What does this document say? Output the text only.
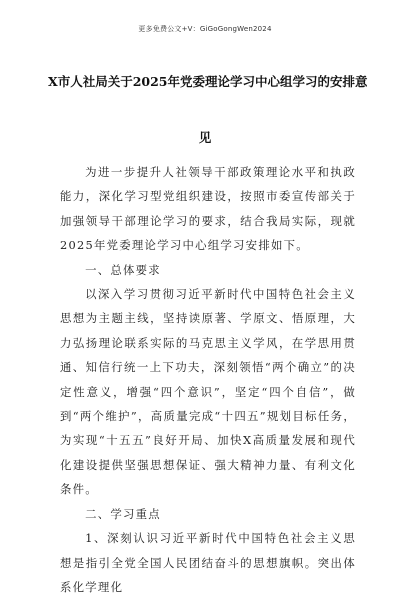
更多免费公文+V：GiGoGongWen2024
X市人社局关于2025年党委理论学习中心组学习的安排意
见

为进一步提升人社领导干部政策理论水平和执政能力，深化学习型党组织建设，按照市委宣传部关于加强领导干部理论学习的要求，结合我局实际，现就2025年党委理论学习中心组学习安排如下。

一、总体要求

以深入学习贯彻习近平新时代中国特色社会主义思想为主题主线，坚持读原著、学原文、悟原理，大力弘扬理论联系实际的马克思主义学风，在学思用贯通、知信行统一上下功夫，深刻领悟“两个确立”的决定性意义，增强“四个意识”，坚定“四个自信”，做到“两个维护”，高质量完成“十四五”规划目标任务，为实现“十五五”良好开局、加快X高质量发展和现代化建设提供坚强思想保证、强大精神力量、有利文化条件。

二、学习重点

1、深刻认识习近平新时代中国特色社会主义思想是指引全党全国人民团结奋斗的思想旗帜。突出体系化学理化
